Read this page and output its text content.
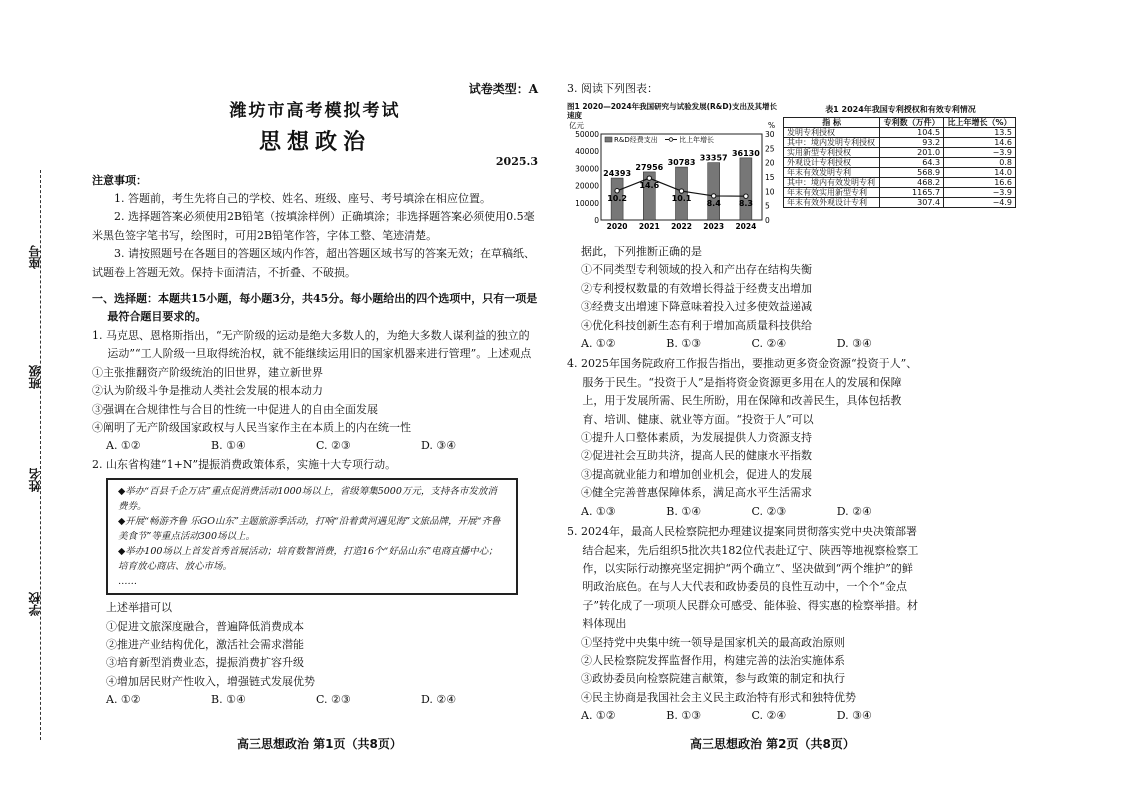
座号
班级
姓名
学校
试卷类型：A
潍坊市高考模拟考试
思想政治
2025.3
注意事项：

1. 答题前，考生先将自己的学校、姓名、班级、座号、考号填涂在相应位置。

2. 选择题答案必须使用2B铅笔（按填涂样例）正确填涂；非选择题答案必须使用0.5毫米黑色签字笔书写，绘图时，可用2B铅笔作答，字体工整、笔迹清楚。

3. 请按照题号在各题目的答题区域内作答，超出答题区域书写的答案无效；在草稿纸、试题卷上答题无效。保持卡面清洁，不折叠、不破损。

一、选择题：本题共15小题，每小题3分，共45分。每小题给出的四个选项中，只有一项是最符合题目要求的。

1. 马克思、恩格斯指出，“无产阶级的运动是绝大多数人的，为绝大多数人谋利益的独立的运动”“工人阶级一旦取得统治权，就不能继续运用旧的国家机器来进行管理”。上述观点

①主张推翻资产阶级统治的旧世界，建立新世界

②认为阶级斗争是推动人类社会发展的根本动力

③强调在合规律性与合目的性统一中促进人的自由全面发展

④阐明了无产阶级国家政权与人民当家作主在本质上的内在统一性

A. ①②	B. ①④	C. ②③	D. ③④

2. 山东省构建“1+N”提振消费政策体系，实施十大专项行动。

◆举办“百县千企万店”重点促消费活动1000场以上，省级筹集5000万元，支持各市发放消费券。
◆开展“畅游齐鲁 乐GO山东”主题旅游季活动，打响“沿着黄河遇见海”文旅品牌，开展“齐鲁美食节”等重点活动300场以上。
◆举办100场以上首发首秀首展活动；培育数智消费，打造16个“好品山东”电商直播中心；培育放心商店、放心市场。
……

上述举措可以

①促进文旅深度融合，普遍降低消费成本

②推进产业结构优化，激活社会需求潜能

③培育新型消费业态，提振消费扩容升级

④增加居民财产性收入，增强链式发展优势

A. ①②	B. ①④	C. ②③	D. ②④
高三思想政治 第1页（共8页）

3. 阅读下列图表：

图1 2020—2024年我国研究与试验发展(R&D)支出及其增长速度
亿元	%
50000
40000
30000
20000
10000
0
30
25
20
15
10
5
0
24393
2020
27956
2021
30783
2022
33357
2023
36130
2024
10.2
14.6
10.1
8.4 8.3
R&D经费支出	比上年增长
表1 2024年我国专利授权和有效专利情况
指 标	专利数（万件）	比上年增长（%）
发明专利授权	104.5	13.5
其中：境内发明专利授权	93.2	14.6
实用新型专利授权	201.0	−3.9
外观设计专利授权	64.3	0.8
年末有效发明专利	568.9	14.0
其中：境内有效发明专利	468.2	16.6
年末有效实用新型专利	1165.7	−3.9
年末有效外观设计专利	307.4	−4.9

据此，下列推断正确的是

①不同类型专利领域的投入和产出存在结构失衡

②专利授权数量的有效增长得益于经费支出增加

③经费支出增速下降意味着投入过多使效益递减

④优化科技创新生态有利于增加高质量科技供给

A. ①②	B. ①③	C. ②④	D. ③④

4. 2025年国务院政府工作报告指出，要推动更多资金资源“投资于人”、服务于民生。“投资于人”是指将资金资源更多用在人的发展和保障上，用于发展所需、民生所盼，用在保障和改善民生，具体包括教育、培训、健康、就业等方面。“投资于人”可以

①提升人口整体素质，为发展提供人力资源支持

②促进社会互助共济，提高人民的健康水平指数

③提高就业能力和增加创业机会，促进人的发展

④健全完善普惠保障体系，满足高水平生活需求

A. ①③	B. ①④	C. ②③	D. ②④

5. 2024年，最高人民检察院把办理建议提案同贯彻落实党中央决策部署结合起来，先后组织5批次共182位代表赴辽宁、陕西等地视察检察工作，以实际行动擦亮坚定拥护“两个确立”、坚决做到“两个维护”的鲜明政治底色。在与人大代表和政协委员的良性互动中，一个个“金点子”转化成了一项项人民群众可感受、能体验、得实惠的检察举措。材料体现出

①坚持党中央集中统一领导是国家机关的最高政治原则

②人民检察院发挥监督作用，构建完善的法治实施体系

③政协委员向检察院建言献策，参与政策的制定和执行

④民主协商是我国社会主义民主政治特有形式和独特优势

A. ①②	B. ①③	C. ②④	D. ③④
高三思想政治 第2页（共8页）
